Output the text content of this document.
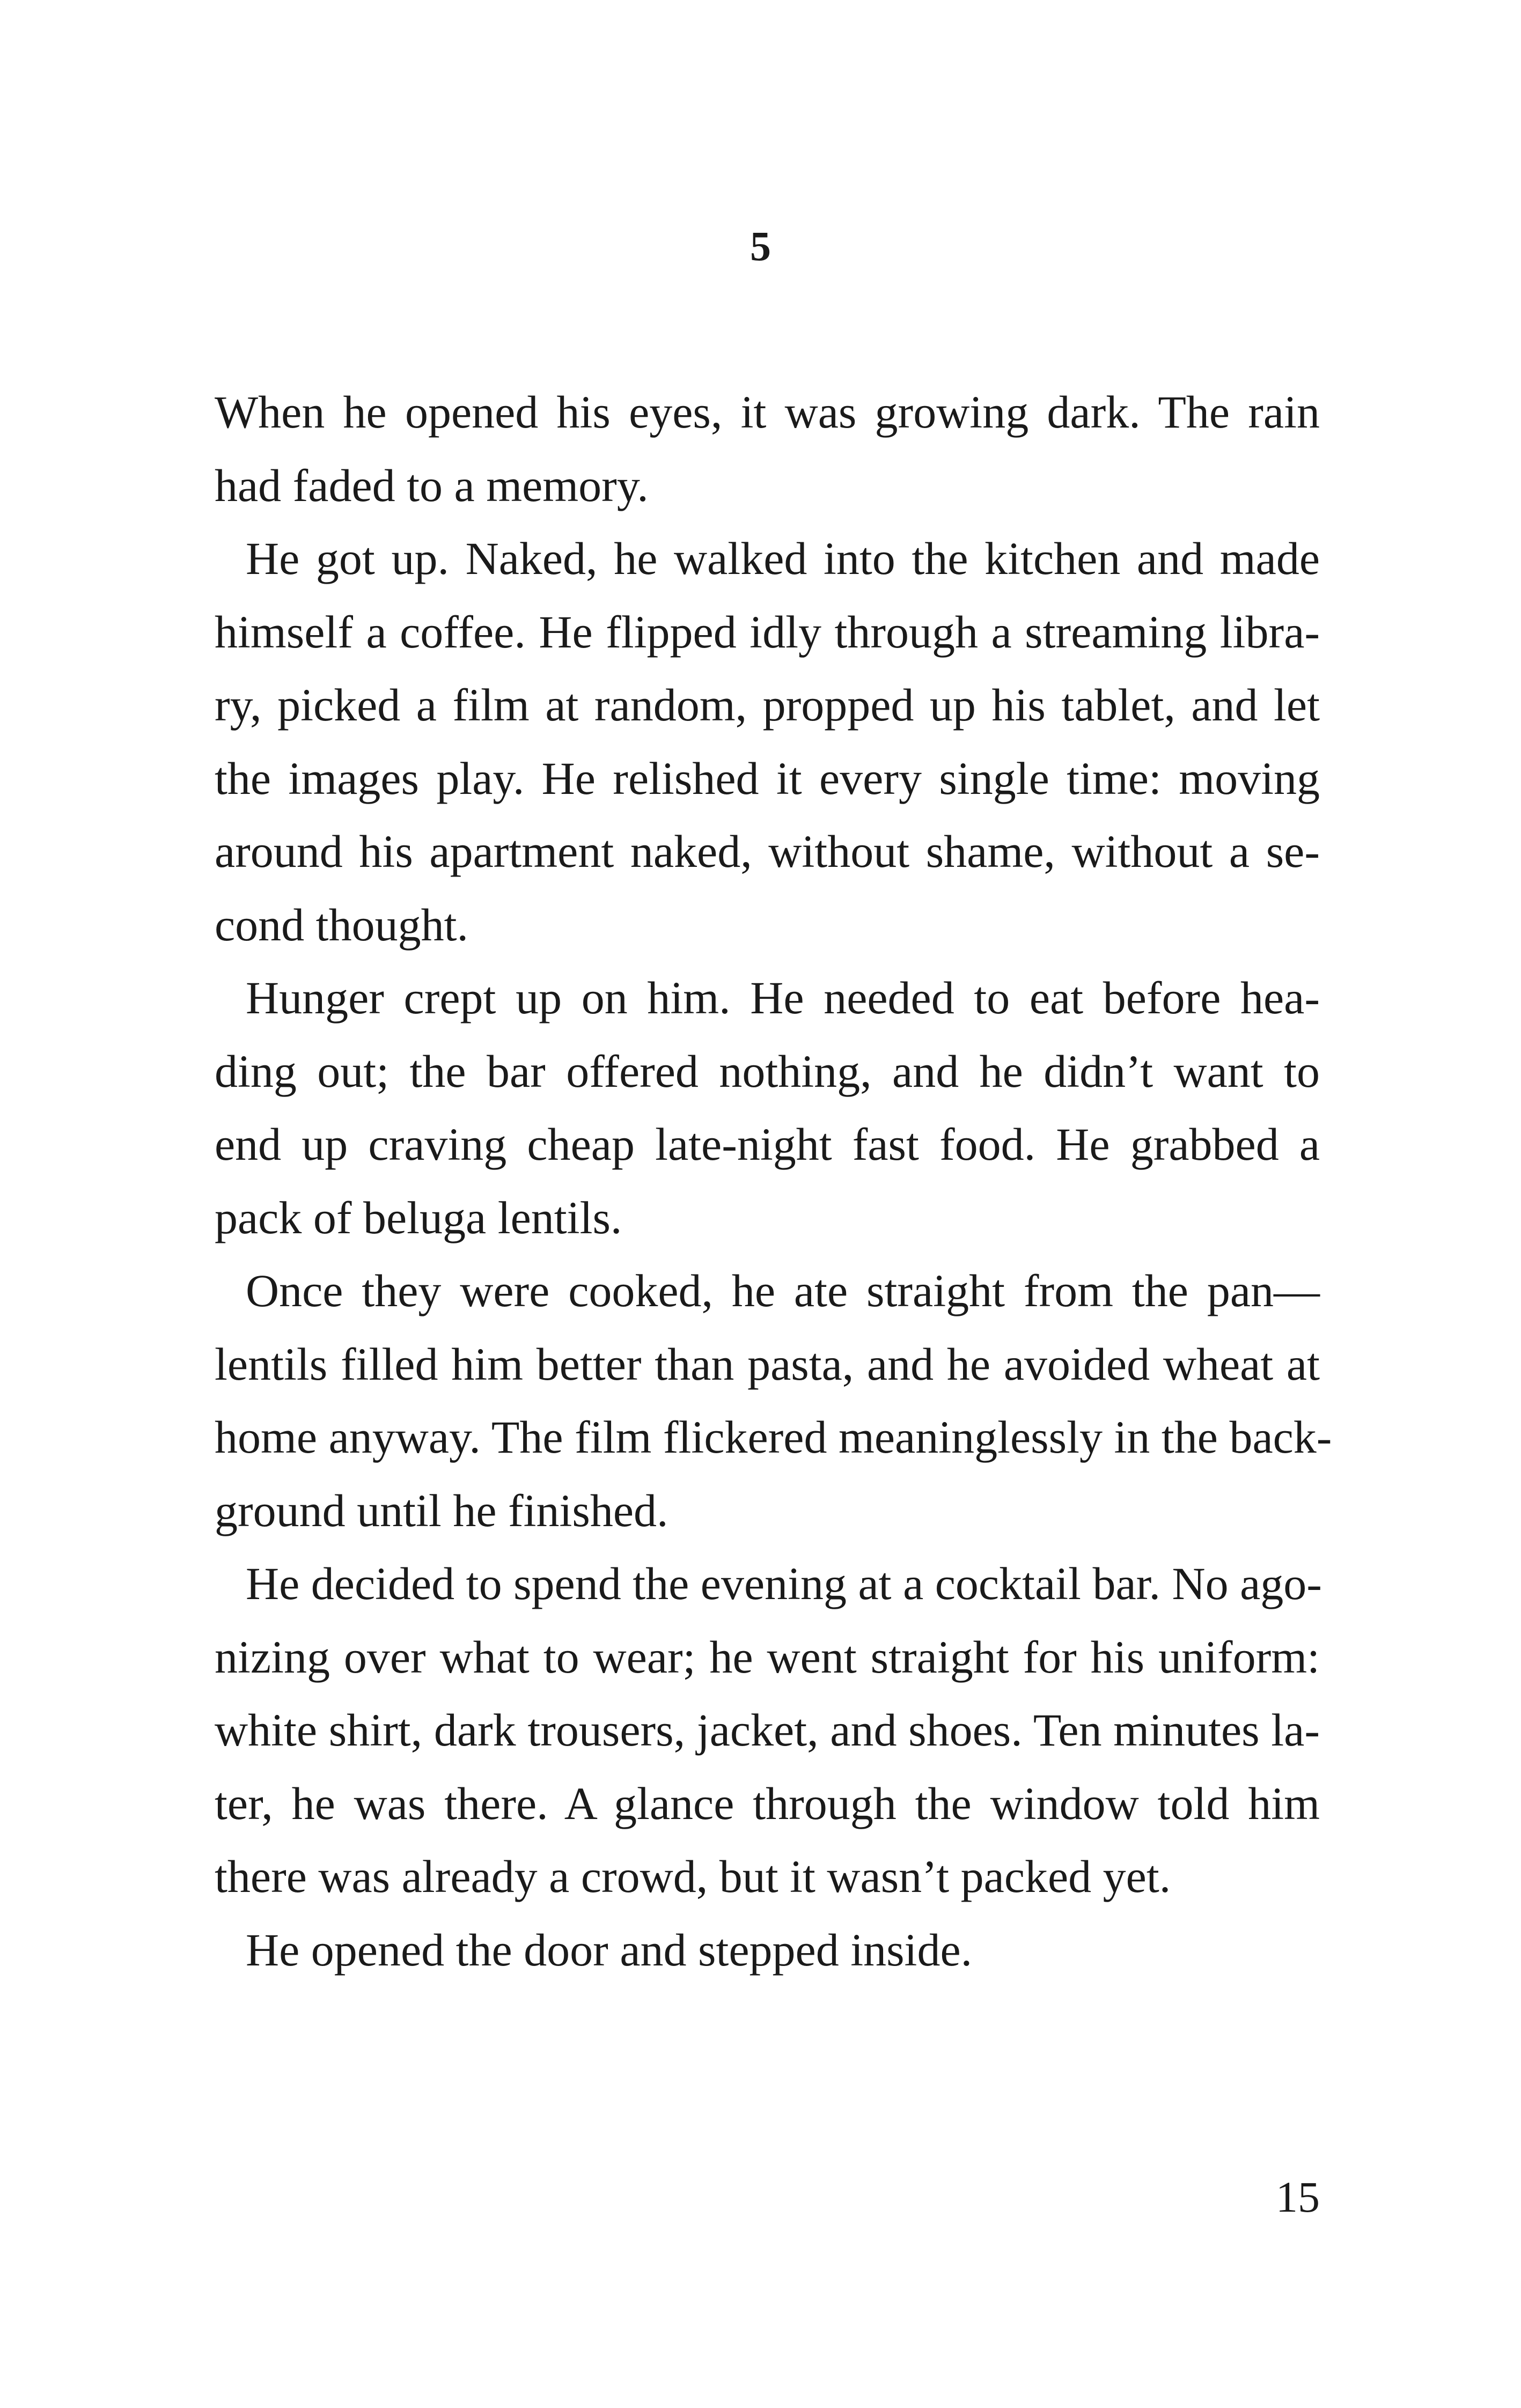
5
When he opened his eyes, it was growing dark. The rain
had faded to a memory.
He got up. Naked, he walked into the kitchen and made
himself a coffee. He flipped idly through a streaming libra-
ry, picked a film at random, propped up his tablet, and let
the images play. He relished it every single time: moving
around his apartment naked, without shame, without a se-
cond thought.
Hunger crept up on him. He needed to eat before hea-
ding out; the bar offered nothing, and he didn’t want to
end up craving cheap late-night fast food. He grabbed a
pack of beluga lentils.
Once they were cooked, he ate straight from the pan—
lentils filled him better than pasta, and he avoided wheat at
home anyway. The film flickered meaninglessly in the back-
ground until he finished.
He decided to spend the evening at a cocktail bar. No ago-
nizing over what to wear; he went straight for his uniform:
white shirt, dark trousers, jacket, and shoes. Ten minutes la-
ter, he was there. A glance through the window told him
there was already a crowd, but it wasn’t packed yet.
He opened the door and stepped inside.
15
